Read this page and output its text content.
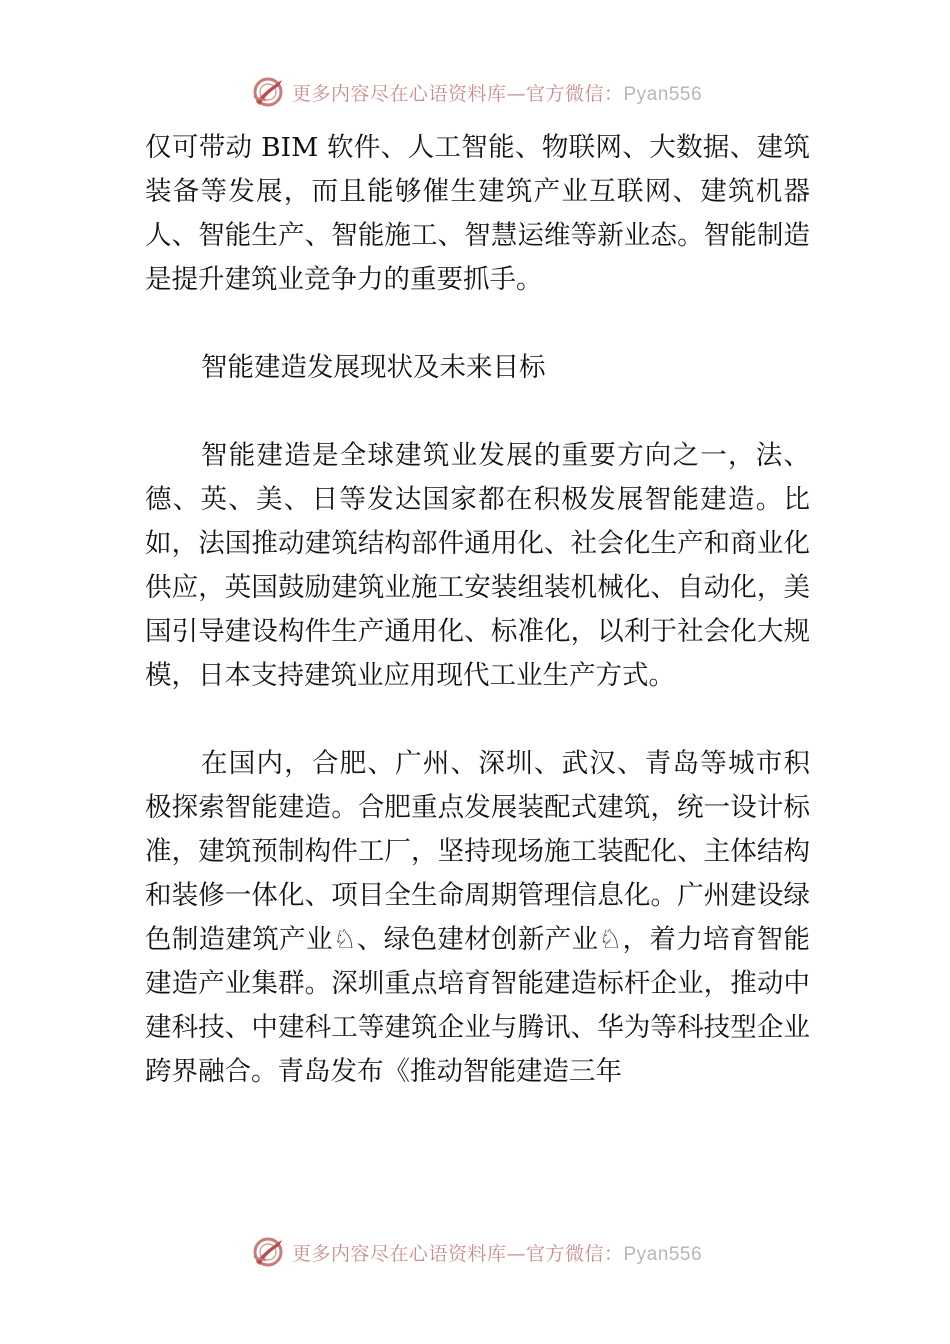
更多内容尽在心语资料库—官方微信：Pyan556

仅可带动 BIM 软件、人工智能、物联网、大数据、建筑装备等发展，而且能够催生建筑产业互联网、建筑机器人、智能生产、智能施工、智慧运维等新业态。智能制造是提升建筑业竞争力的重要抓手。

智能建造发展现状及未来目标

智能建造是全球建筑业发展的重要方向之一，法、德、英、美、日等发达国家都在积极发展智能建造。比如，法国推动建筑结构部件通用化、社会化生产和商业化供应，英国鼓励建筑业施工安装组装机械化、自动化，美国引导建设构件生产通用化、标准化，以利于社会化大规模，日本支持建筑业应用现代工业生产方式。

在国内，合肥、广州、深圳、武汉、青岛等城市积极探索智能建造。合肥重点发展装配式建筑，统一设计标准，建筑预制构件工厂，坚持现场施工装配化、主体结构和装修一体化、项目全生命周期管理信息化。广州建设绿色制造建筑产业♘、绿色建材创新产业♘，着力培育智能建造产业集群。深圳重点培育智能建造标杆企业，推动中建科技、中建科工等建筑企业与腾讯、华为等科技型企业跨界融合。青岛发布《推动智能建造三年

更多内容尽在心语资料库—官方微信：Pyan556
